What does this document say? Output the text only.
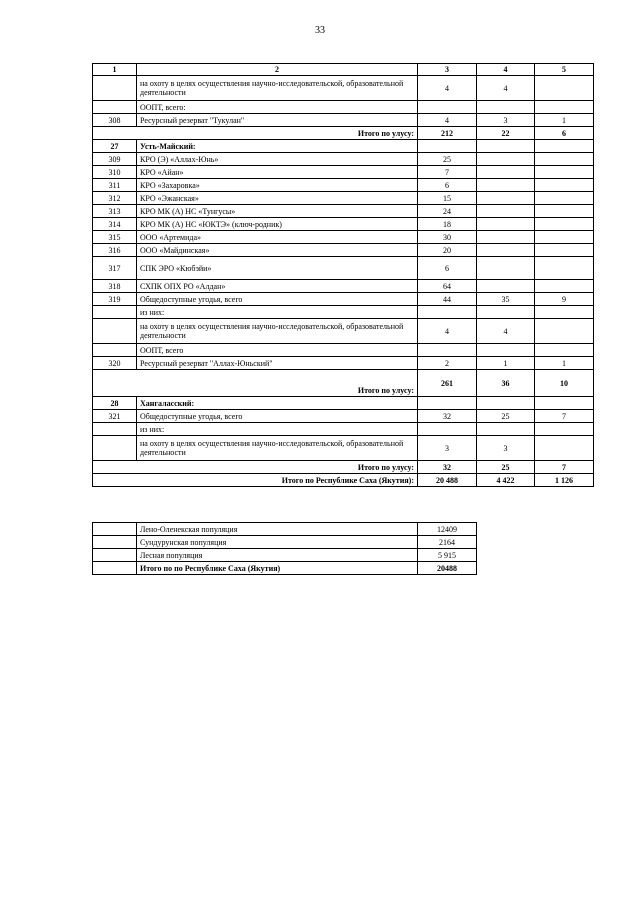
33
1	2	3	4	5
	на охоту в целях осуществления научно-исследовательской, образовательной деятельности	4	4	
	ООПТ, всего:			
308	Ресурсный резерват "Тукулан"	4	3	1
Итого по улусу:		212	22	6
27	Усть-Майский:			
309	КРО (Э) «Аллах-Юнь»	25		
310	КРО «Айан»	7		
311	КРО «Захаровка»	6		
312	КРО «Эжанская»	15		
313	КРО МК (А) НС «Тунгусы»	24		
314	КРО МК (А) НС «ЮКТЭ» (ключ-родник)	18		
315	ООО «Артемида»	30		
316	ООО «Майдинская»	20		
317	СПК ЭРО «Кюбэйи»	6		
318	СХПК ОПХ РО «Алдан»	64		
319	Общедоступные угодья, всего	44	35	9
	из них:			
	на охоту в целях осуществления научно-исследовательской, образовательной деятельности	4	4	
	ООПТ, всего			
320	Ресурсный резерват "Аллах-Юньский"	2	1	1
Итого по улусу:		261	36	10
28	Хангаласский:			
321	Общедоступные угодья, всего	32	25	7
	из них:			
	на охоту в целях осуществления научно-исследовательской, образовательной деятельности	3	3	
Итого по улусу:		32	25	7
Итого по Республике Саха (Якутия):		20 488	4 422	1 126
	Лено-Оленекская популяция	12409
	Сундурунская популяция	2164
	Лесная популяция	5 915
	Итого по по Республике Саха (Якутия)	20488
